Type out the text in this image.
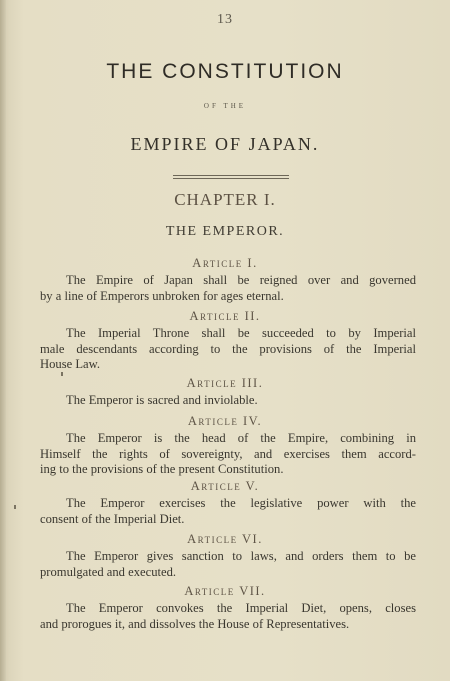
13
THE CONSTITUTION
OF THE
EMPIRE OF JAPAN.
CHAPTER I.
THE EMPEROR.
Article I.
The Empire of Japan shall be reigned over and governed
by a line of Emperors unbroken for ages eternal.
Article II.
The Imperial Throne shall be succeeded to by Imperial
male descendants according to the provisions of the Imperial
House Law.
Article III.
The Emperor is sacred and inviolable.
Article IV.
The Emperor is the head of the Empire, combining in
Himself the rights of sovereignty, and exercises them accord-
ing to the provisions of the present Constitution.
Article V.
The Emperor exercises the legislative power with the
consent of the Imperial Diet.
Article VI.
The Emperor gives sanction to laws, and orders them to be
promulgated and executed.
Article VII.
The Emperor convokes the Imperial Diet, opens, closes
and prorogues it, and dissolves the House of Representatives.
